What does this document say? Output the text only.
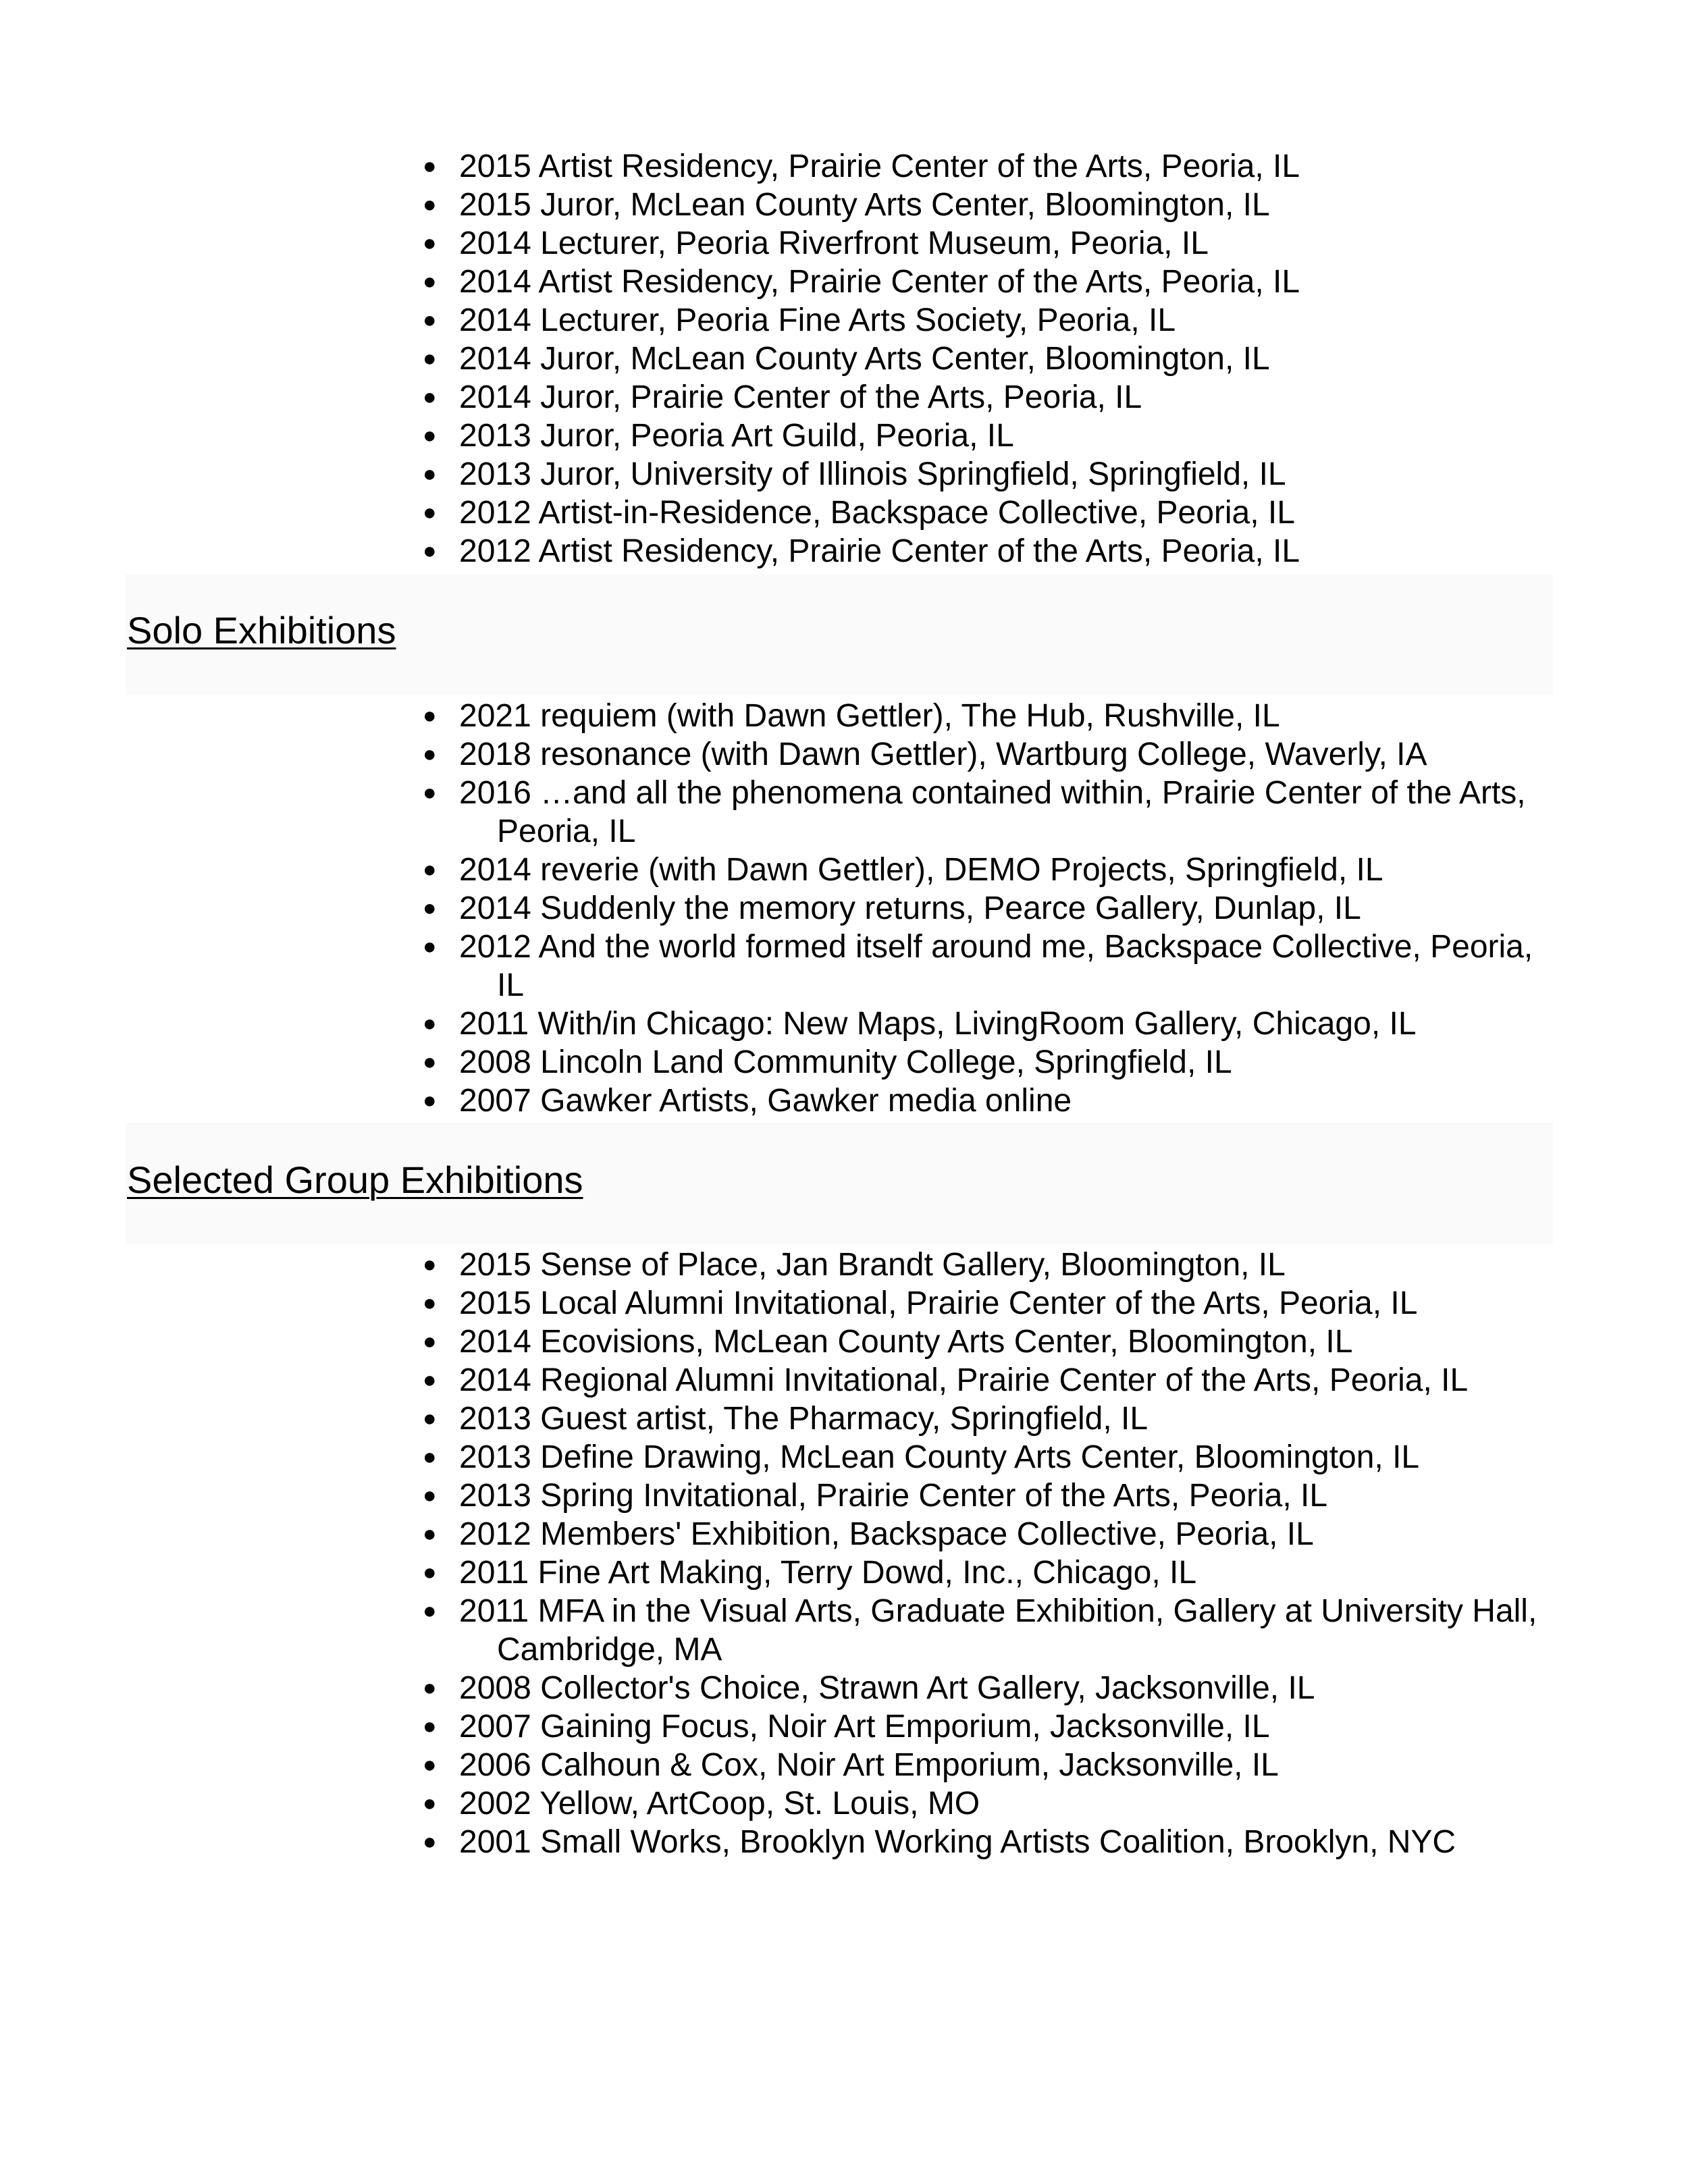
● 2015 Artist Residency, Prairie Center of the Arts, Peoria, IL
● 2015 Juror, McLean County Arts Center, Bloomington, IL
● 2014 Lecturer, Peoria Riverfront Museum, Peoria, IL
● 2014 Artist Residency, Prairie Center of the Arts, Peoria, IL
● 2014 Lecturer, Peoria Fine Arts Society, Peoria, IL
● 2014 Juror, McLean County Arts Center, Bloomington, IL
● 2014 Juror, Prairie Center of the Arts, Peoria, IL
● 2013 Juror, Peoria Art Guild, Peoria, IL
● 2013 Juror, University of Illinois Springfield, Springfield, IL
● 2012 Artist-in-Residence, Backspace Collective, Peoria, IL
● 2012 Artist Residency, Prairie Center of the Arts, Peoria, IL
Solo Exhibitions
● 2021 requiem (with Dawn Gettler), The Hub, Rushville, IL
● 2018 resonance (with Dawn Gettler), Wartburg College, Waverly, IA
● 2016 …and all the phenomena contained within, Prairie Center of the Arts, Peoria, IL
● 2014 reverie (with Dawn Gettler), DEMO Projects, Springfield, IL
● 2014 Suddenly the memory returns, Pearce Gallery, Dunlap, IL
● 2012 And the world formed itself around me, Backspace Collective, Peoria, IL
● 2011 With/in Chicago: New Maps, LivingRoom Gallery, Chicago, IL
● 2008 Lincoln Land Community College, Springfield, IL
● 2007 Gawker Artists, Gawker media online
Selected Group Exhibitions
● 2015 Sense of Place, Jan Brandt Gallery, Bloomington, IL
● 2015 Local Alumni Invitational, Prairie Center of the Arts, Peoria, IL
● 2014 Ecovisions, McLean County Arts Center, Bloomington, IL
● 2014 Regional Alumni Invitational, Prairie Center of the Arts, Peoria, IL
● 2013 Guest artist, The Pharmacy, Springfield, IL
● 2013 Define Drawing, McLean County Arts Center, Bloomington, IL
● 2013 Spring Invitational, Prairie Center of the Arts, Peoria, IL
● 2012 Members' Exhibition, Backspace Collective, Peoria, IL
● 2011 Fine Art Making, Terry Dowd, Inc., Chicago, IL
● 2011 MFA in the Visual Arts, Graduate Exhibition, Gallery at University Hall, Cambridge, MA
● 2008 Collector's Choice, Strawn Art Gallery, Jacksonville, IL
● 2007 Gaining Focus, Noir Art Emporium, Jacksonville, IL
● 2006 Calhoun & Cox, Noir Art Emporium, Jacksonville, IL
● 2002 Yellow, ArtCoop, St. Louis, MO
● 2001 Small Works, Brooklyn Working Artists Coalition, Brooklyn, NYC
